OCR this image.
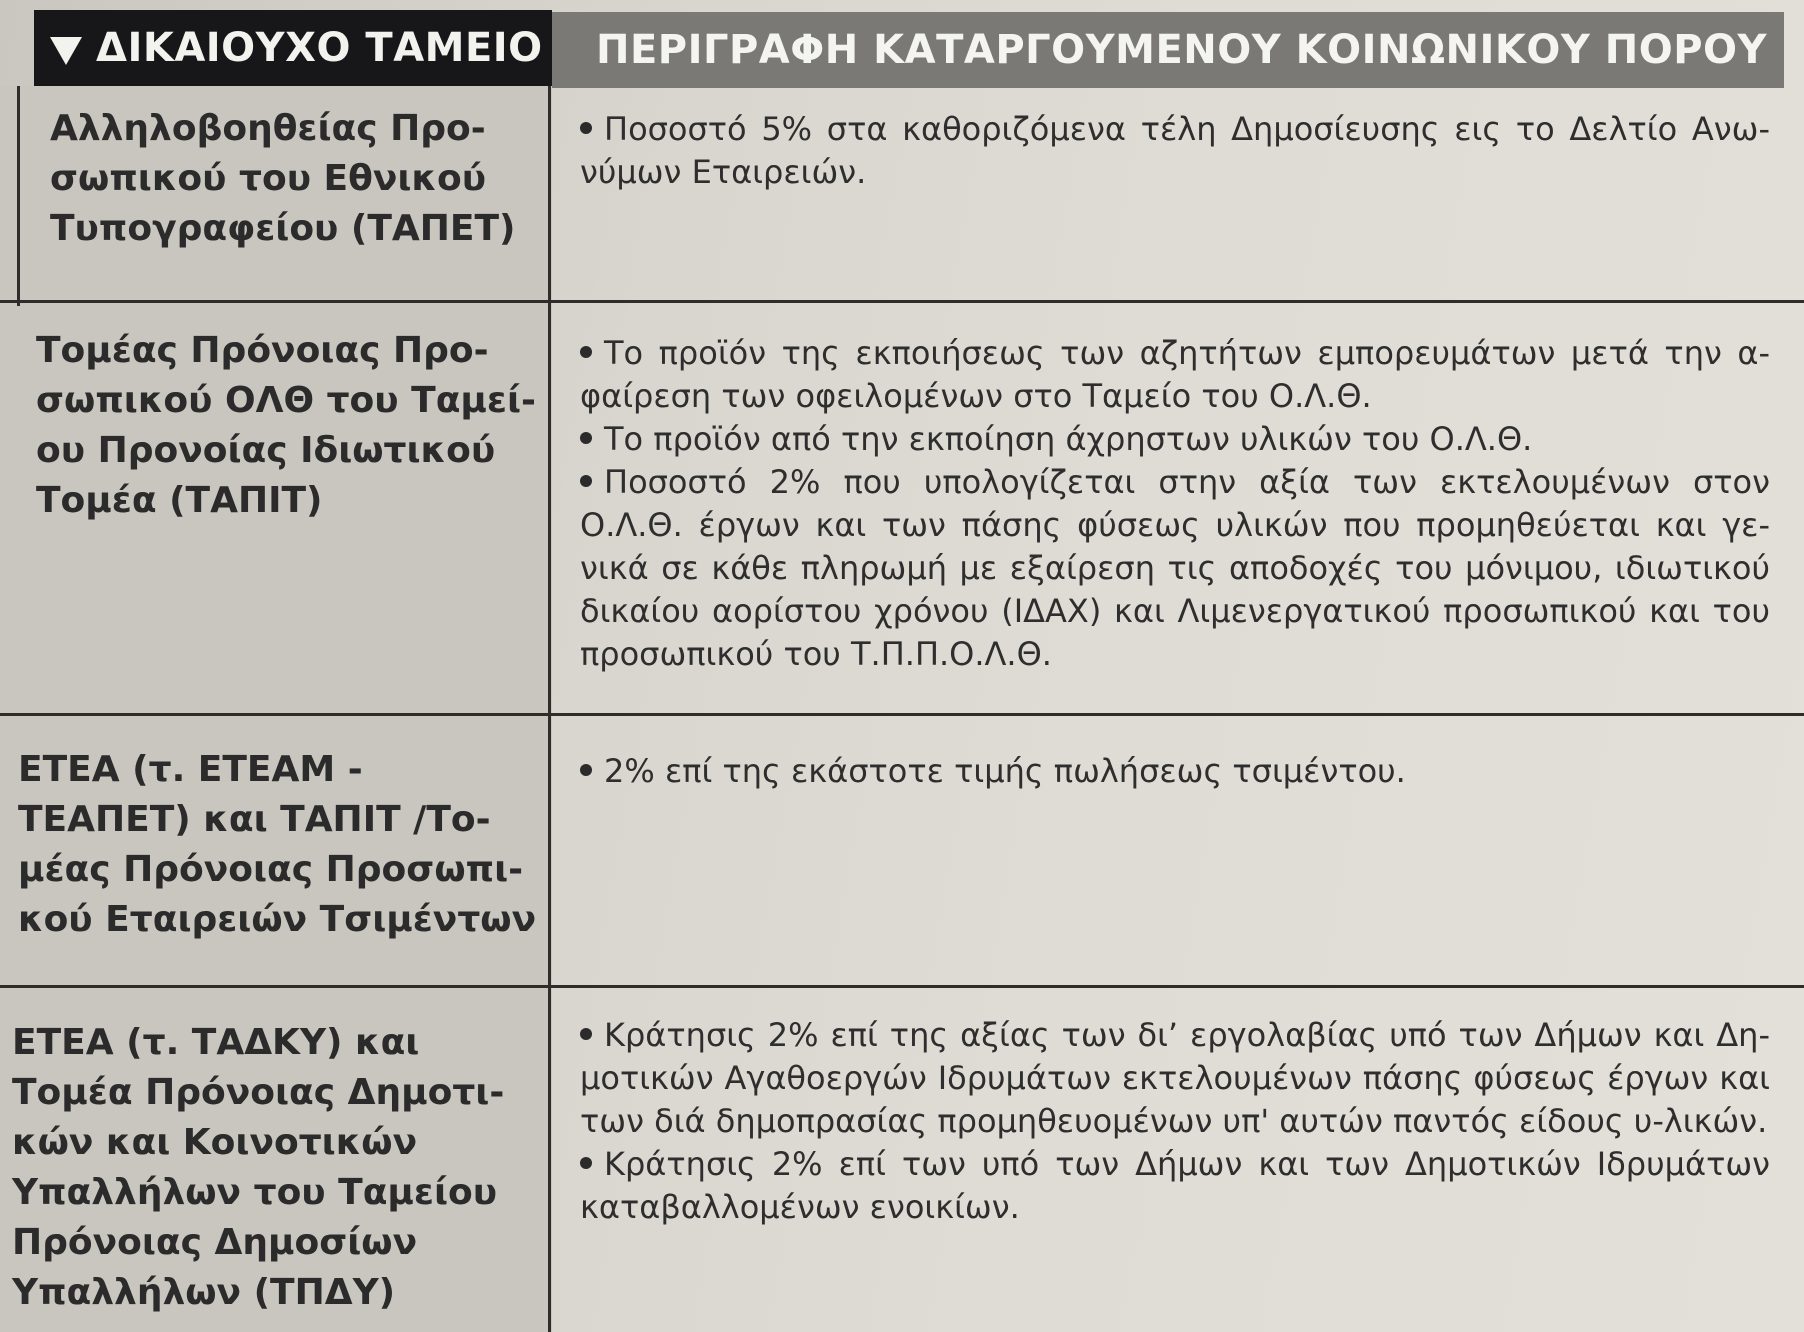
ΔΙΚΑΙΟΥΧΟ ΤΑΜΕΙΟ ΠΕΡΙΓΡΑΦΗ ΚΑΤΑΡΓΟΥΜΕΝΟΥ ΚΟΙΝΩΝΙΚΟΥ ΠΟΡΟΥ
Αλληλοβοηθείας Προ-
σωπικού του Εθνικού
Τυπογραφείου (ΤΑΠΕΤ)
Ποσοστό 5% στα καθοριζόμενα τέλη Δημοσίευσης εις το Δελτίο Ανω-νύμων Εταιρειών.
Τομέας Πρόνοιας Προ-
σωπικού ΟΛΘ του Ταμεί-
ου Προνοίας Ιδιωτικού
Τομέα (ΤΑΠΙΤ)
Το προϊόν της εκποιήσεως των αζητήτων εμπορευμάτων μετά την α-φαίρεση των οφειλομένων στο Ταμείο του Ο.Λ.Θ.
Το προϊόν από την εκποίηση άχρηστων υλικών του Ο.Λ.Θ.
Ποσοστό 2% που υπολογίζεται στην αξία των εκτελουμένων στον Ο.Λ.Θ. έργων και των πάσης φύσεως υλικών που προμηθεύεται και γε-νικά σε κάθε πληρωμή με εξαίρεση τις αποδοχές του μόνιμου, ιδιωτικού δικαίου αορίστου χρόνου (ΙΔΑΧ) και Λιμενεργατικού προσωπικού και του προσωπικού του Τ.Π.Π.Ο.Λ.Θ.
ΕΤΕΑ (τ. ΕΤΕΑΜ -
ΤΕΑΠΕΤ) και ΤΑΠΙΤ /Το-
μέας Πρόνοιας Προσωπι-
κού Εταιρειών Τσιμέντων
2% επί της εκάστοτε τιμής πωλήσεως τσιμέντου.
ΕΤΕΑ (τ. ΤΑΔΚΥ) και
Τομέα Πρόνοιας Δημοτι-
κών και Κοινοτικών
Υπαλλήλων του Ταμείου
Πρόνοιας Δημοσίων
Υπαλλήλων (ΤΠΔΥ)
Κράτησις 2% επί της αξίας των δι’ εργολαβίας υπό των Δήμων και Δη-μοτικών Αγαθοεργών Ιδρυμάτων εκτελουμένων πάσης φύσεως έργων και των διά δημοπρασίας προμηθευομένων υπ' αυτών παντός είδους υ-λικών.
Κράτησις 2% επί των υπό των Δήμων και των Δημοτικών Ιδρυμάτων καταβαλλομένων ενοικίων.
